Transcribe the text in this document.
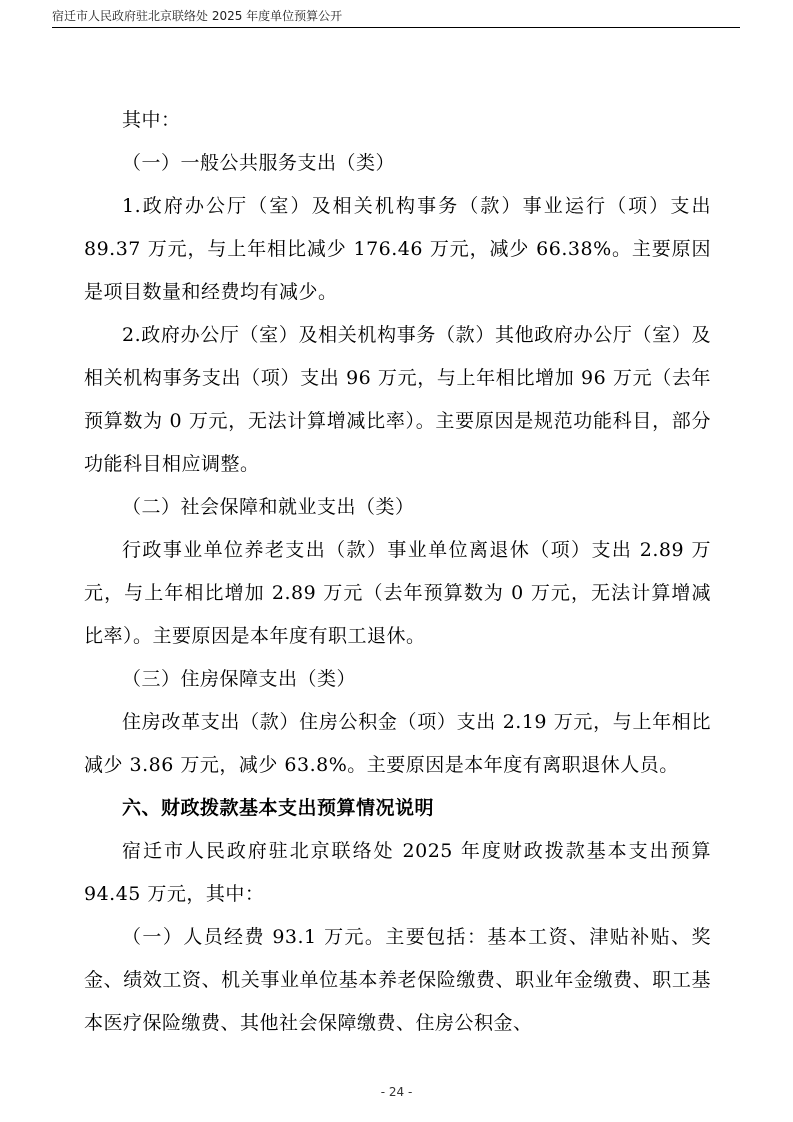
宿迁市人民政府驻北京联络处 2025 年度单位预算公开

其中：

（一）一般公共服务支出（类）

1.政府办公厅（室）及相关机构事务（款）事业运行（项）支出 89.37 万元，与上年相比减少 176.46 万元，减少 66.38%。主要原因是项目数量和经费均有减少。

2.政府办公厅（室）及相关机构事务（款）其他政府办公厅（室）及相关机构事务支出（项）支出 96 万元，与上年相比增加 96 万元（去年预算数为 0 万元，无法计算增减比率）。主要原因是规范功能科目，部分功能科目相应调整。

（二）社会保障和就业支出（类）

行政事业单位养老支出（款）事业单位离退休（项）支出 2.89 万元，与上年相比增加 2.89 万元（去年预算数为 0 万元，无法计算增减比率）。主要原因是本年度有职工退休。

（三）住房保障支出（类）

住房改革支出（款）住房公积金（项）支出 2.19 万元，与上年相比减少 3.86 万元，减少 63.8%。主要原因是本年度有离职退休人员。

六、财政拨款基本支出预算情况说明

宿迁市人民政府驻北京联络处 2025 年度财政拨款基本支出预算 94.45 万元，其中：

（一）人员经费 93.1 万元。主要包括：基本工资、津贴补贴、奖金、绩效工资、机关事业单位基本养老保险缴费、职业年金缴费、职工基本医疗保险缴费、其他社会保障缴费、住房公积金、

- 24 -
